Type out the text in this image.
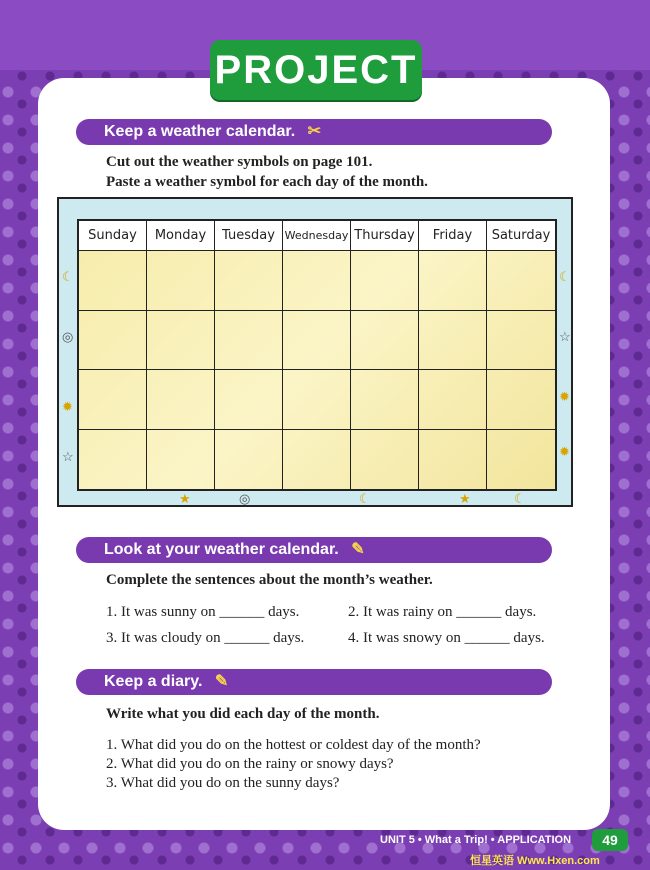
PROJECT
Keep a weather calendar. ✂
Cut out the weather symbols on page 101.
Paste a weather symbol for each day of the month.
Sunday	Monday	Tuesday Wednesday Thursday	Friday	Saturday
☾
◎
✹
☆
☾
☆
✹
✹
★	◎	☾	★	☾
Look at your weather calendar. ✎
Complete the sentences about the month’s weather.
1. It was sunny on ______ days.	2. It was rainy on ______ days.
3. It was cloudy on ______ days.	4. It was snowy on ______ days.
Keep a diary. ✎
Write what you did each day of the month.
1. What did you do on the hottest or coldest day of the month?
2. What did you do on the rainy or snowy days?
3. What did you do on the sunny days?
UNIT 5 • What a Trip! • APPLICATION	49
恒星英语 Www.Hxen.com
